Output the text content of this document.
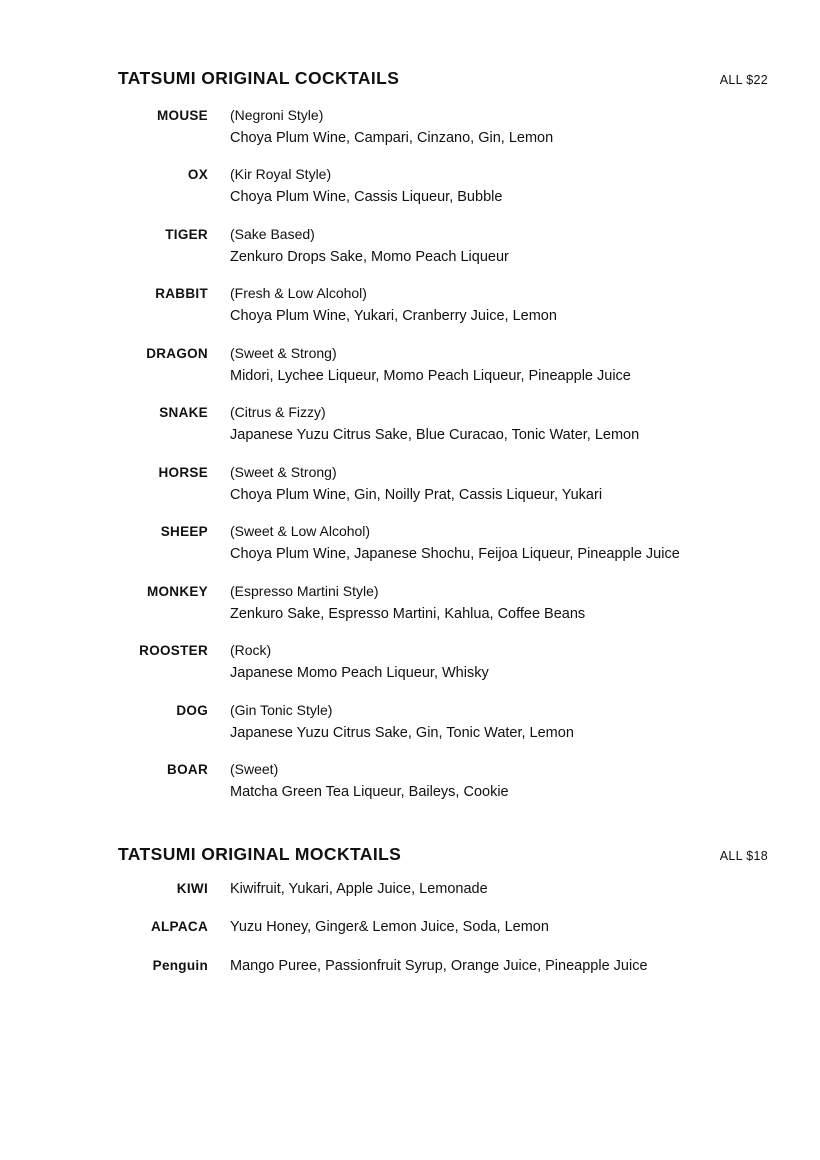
TATSUMI ORIGINAL COCKTAILS	ALL $22
MOUSE	(Negroni Style)
Choya Plum Wine, Campari, Cinzano, Gin, Lemon
OX	(Kir Royal Style)
Choya Plum Wine, Cassis Liqueur, Bubble
TIGER	(Sake Based)
Zenkuro Drops Sake, Momo Peach Liqueur
RABBIT	(Fresh & Low Alcohol)
Choya Plum Wine, Yukari, Cranberry Juice, Lemon
DRAGON	(Sweet & Strong)
Midori, Lychee Liqueur, Momo Peach Liqueur, Pineapple Juice
SNAKE	(Citrus & Fizzy)
Japanese Yuzu Citrus Sake, Blue Curacao, Tonic Water, Lemon
HORSE	(Sweet & Strong)
Choya Plum Wine, Gin, Noilly Prat, Cassis Liqueur, Yukari
SHEEP	(Sweet & Low Alcohol)
Choya Plum Wine, Japanese Shochu, Feijoa Liqueur, Pineapple Juice
MONKEY	(Espresso Martini Style)
Zenkuro Sake, Espresso Martini, Kahlua, Coffee Beans
ROOSTER	(Rock)
Japanese Momo Peach Liqueur, Whisky
DOG	(Gin Tonic Style)
Japanese Yuzu Citrus Sake, Gin, Tonic Water, Lemon
BOAR	(Sweet)
Matcha Green Tea Liqueur, Baileys, Cookie
TATSUMI ORIGINAL MOCKTAILS	ALL $18
KIWI	Kiwifruit, Yukari, Apple Juice, Lemonade
ALPACA	Yuzu Honey, Ginger& Lemon Juice, Soda, Lemon
Penguin	Mango Puree, Passionfruit Syrup, Orange Juice, Pineapple Juice
